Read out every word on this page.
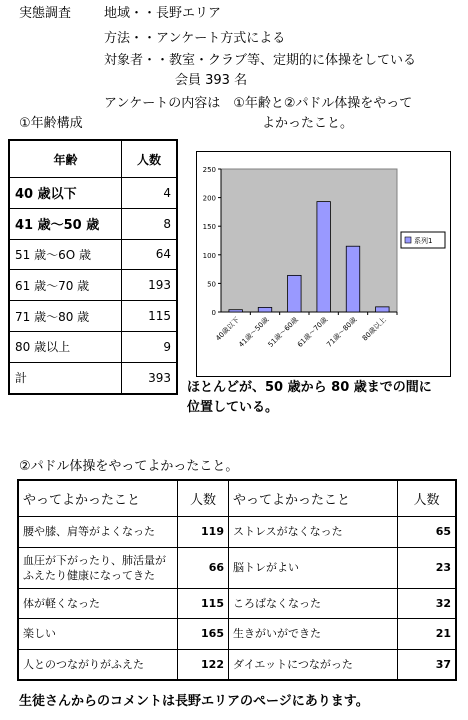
実態調査	地域・・長野エリア
方法・・アンケート方式による
対象者・・教室・クラブ等、定期的に体操をしている
会員 393 名
アンケートの内容は　①年齢と②パドル体操をやって
よかったこと。
①年齢構成
年齢	人数
40 歳以下	4
41 歳～50 歳	8
51 歳～6O 歳	64
61 歳～70 歳	193
71 歳～80 歳	115
80 歳以上	9
計	393
0
50
100
150
200
250
40歳以下
41歳～50歳
51歳～60歳
61歳～70歳
71歳～80歳 80歳以上
系列1
ほとんどが、50 歳から 80 歳までの間に
位置している。
②パドル体操をやってよかったこと。
やってよかったこと	人数	やってよかったこと	人数
腰や膝、肩等がよくなった	119	ストレスがなくなった	65
血圧が下がったり、肺活量がふえたり健康になってきた	66	脳トレがよい	23
体が軽くなった	115	ころばなくなった	32
楽しい	165	生きがいができた	21
人とのつながりがふえた	122	ダイエットにつながった	37
生徒さんからのコメントは長野エリアのページにあります。
